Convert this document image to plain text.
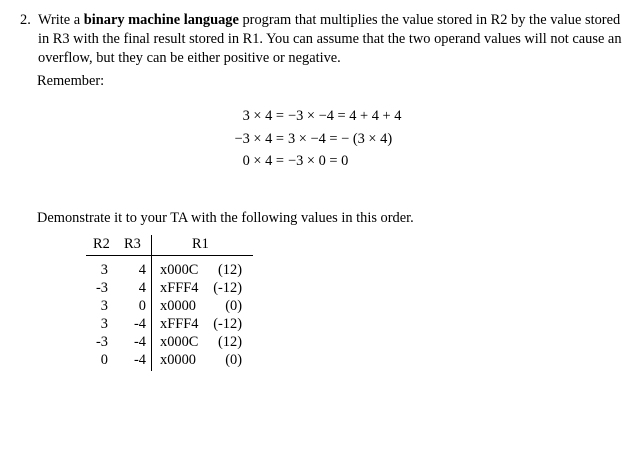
2. Write a binary machine language program that multiplies the value stored in R2 by the value stored
in R3 with the final result stored in R1. You can assume that the two operand values will not cause an
overflow, but they can be either positive or negative.
Remember:
3 × 4 = −3 × −4 = 4 + 4 + 4
−3 × 4 = 3 × −4 = − (3 × 4)
0 × 4 = −3 × 0 = 0
Demonstrate it to your TA with the following values in this order.
R2 R3	R1
3	4 x000C	(12)
-3	4 xFFF4 (-12)
3	0 x0000	(0)
3	-4 xFFF4 (-12)
-3	-4 x000C	(12)
0	-4 x0000	(0)
